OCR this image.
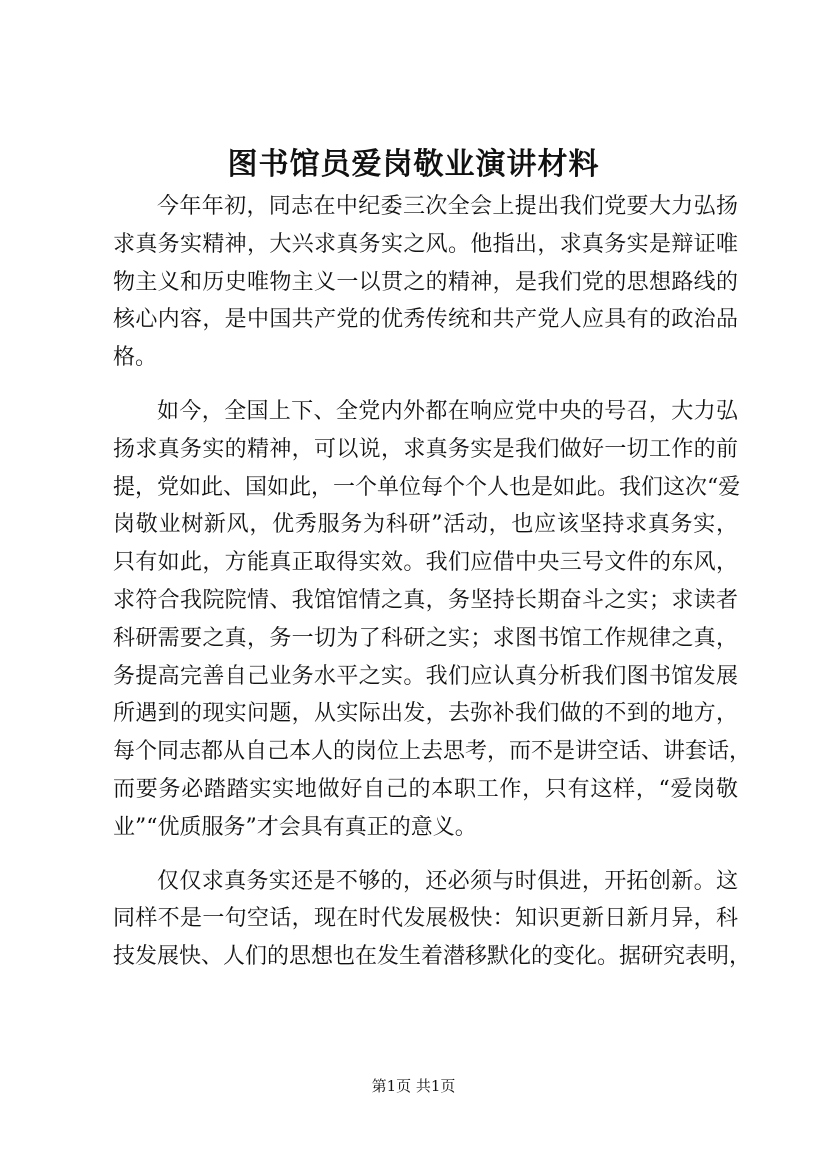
图书馆员爱岗敬业演讲材料
今年年初，同志在中纪委三次全会上提出我们党要大力弘扬
求真务实精神，大兴求真务实之风。他指出，求真务实是辩证唯
物主义和历史唯物主义一以贯之的精神，是我们党的思想路线的
核心内容，是中国共产党的优秀传统和共产党人应具有的政治品
格。
如今，全国上下、全党内外都在响应党中央的号召，大力弘
扬求真务实的精神，可以说，求真务实是我们做好一切工作的前
提，党如此、国如此，一个单位每个个人也是如此。我们这次“爱
岗敬业树新风，优秀服务为科研”活动，也应该坚持求真务实，
只有如此，方能真正取得实效。我们应借中央三号文件的东风，
求符合我院院情、我馆馆情之真，务坚持长期奋斗之实；求读者
科研需要之真，务一切为了科研之实；求图书馆工作规律之真，
务提高完善自己业务水平之实。我们应认真分析我们图书馆发展
所遇到的现实问题，从实际出发，去弥补我们做的不到的地方，
每个同志都从自己本人的岗位上去思考，而不是讲空话、讲套话，
而要务必踏踏实实地做好自己的本职工作，只有这样，“爱岗敬
业”“优质服务”才会具有真正的意义。
仅仅求真务实还是不够的，还必须与时俱进，开拓创新。这
同样不是一句空话，现在时代发展极快：知识更新日新月异，科
技发展快、人们的思想也在发生着潜移默化的变化。据研究表明，
第1页 共1页
